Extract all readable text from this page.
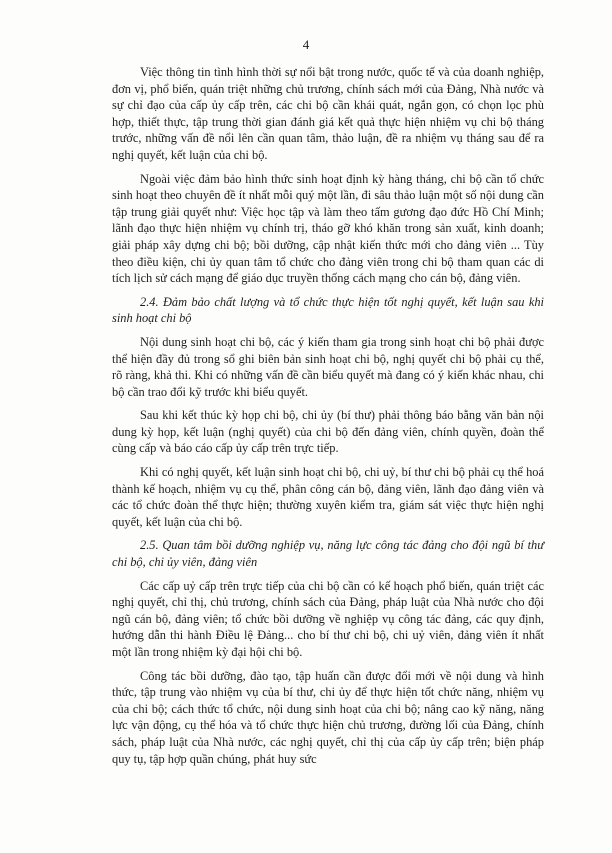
4

Việc thông tin tình hình thời sự nổi bật trong nước, quốc tế và của doanh nghiệp, đơn vị, phổ biến, quán triệt những chủ trương, chính sách mới của Đảng, Nhà nước và sự chỉ đạo của cấp ủy cấp trên, các chi bộ cần khái quát, ngắn gọn, có chọn lọc phù hợp, thiết thực, tập trung thời gian đánh giá kết quả thực hiện nhiệm vụ chi bộ tháng trước, những vấn đề nổi lên cần quan tâm, thảo luận, đề ra nhiệm vụ tháng sau để ra nghị quyết, kết luận của chi bộ.

Ngoài việc đảm bảo hình thức sinh hoạt định kỳ hàng tháng, chi bộ cần tổ chức sinh hoạt theo chuyên đề ít nhất mỗi quý một lần, đi sâu thảo luận một số nội dung cần tập trung giải quyết như: Việc học tập và làm theo tấm gương đạo đức Hồ Chí Minh; lãnh đạo thực hiện nhiệm vụ chính trị, tháo gỡ khó khăn trong sản xuất, kinh doanh; giải pháp xây dựng chi bộ; bồi dưỡng, cập nhật kiến thức mới cho đảng viên ... Tùy theo điều kiện, chi ủy quan tâm tổ chức cho đảng viên trong chi bộ tham quan các di tích lịch sử cách mạng để giáo dục truyền thống cách mạng cho cán bộ, đảng viên.

2.4. Đảm bảo chất lượng và tổ chức thực hiện tốt nghị quyết, kết luận sau khi sinh hoạt chi bộ

Nội dung sinh hoạt chi bộ, các ý kiến tham gia trong sinh hoạt chi bộ phải được thể hiện đầy đủ trong sổ ghi biên bản sinh hoạt chi bộ, nghị quyết chi bộ phải cụ thể, rõ ràng, khả thi. Khi có những vấn đề cần biểu quyết mà đang có ý kiến khác nhau, chi bộ cần trao đổi kỹ trước khi biểu quyết.

Sau khi kết thúc kỳ họp chi bộ, chi ủy (bí thư) phải thông báo bằng văn bản nội dung kỳ họp, kết luận (nghị quyết) của chi bộ đến đảng viên, chính quyền, đoàn thể cùng cấp và báo cáo cấp ủy cấp trên trực tiếp.

Khi có nghị quyết, kết luận sinh hoạt chi bộ, chi uỷ, bí thư chi bộ phải cụ thể hoá thành kế hoạch, nhiệm vụ cụ thể, phân công cán bộ, đảng viên, lãnh đạo đảng viên và các tổ chức đoàn thể thực hiện; thường xuyên kiểm tra, giám sát việc thực hiện nghị quyết, kết luận của chi bộ.

2.5. Quan tâm bồi dưỡng nghiệp vụ, năng lực công tác đảng cho đội ngũ bí thư chi bộ, chi ủy viên, đảng viên

Các cấp uỷ cấp trên trực tiếp của chi bộ cần có kế hoạch phổ biến, quán triệt các nghị quyết, chỉ thị, chủ trương, chính sách của Đảng, pháp luật của Nhà nước cho đội ngũ cán bộ, đảng viên; tổ chức bồi dưỡng về nghiệp vụ công tác đảng, các quy định, hướng dẫn thi hành Điều lệ Đảng... cho bí thư chi bộ, chi uỷ viên, đảng viên ít nhất một lần trong nhiệm kỳ đại hội chi bộ.

Công tác bồi dưỡng, đào tạo, tập huấn cần được đổi mới về nội dung và hình thức, tập trung vào nhiệm vụ của bí thư, chi ủy để thực hiện tốt chức năng, nhiệm vụ của chi bộ; cách thức tổ chức, nội dung sinh hoạt của chi bộ; nâng cao kỹ năng, năng lực vận động, cụ thể hóa và tổ chức thực hiện chủ trương, đường lối của Đảng, chính sách, pháp luật của Nhà nước, các nghị quyết, chỉ thị của cấp ủy cấp trên; biện pháp quy tụ, tập hợp quần chúng, phát huy sức
